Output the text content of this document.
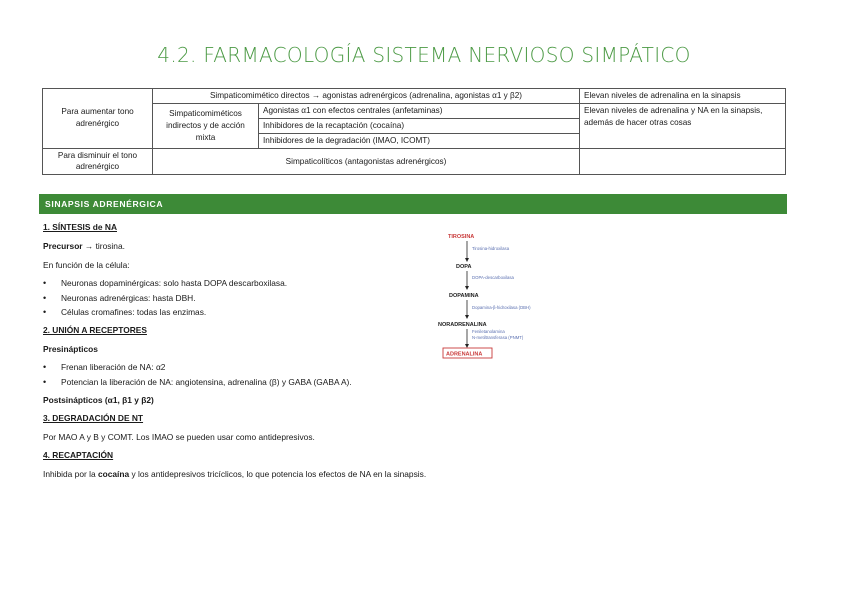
4.2. FARMACOLOGÍA SISTEMA NERVIOSO SIMPÁTICO
Para aumentar tono adrenérgico	Simpaticomimético directos → agonistas adrenérgicos (adrenalina, agonistas α1 y β2)		Elevan niveles de adrenalina en la sinapsis
	Simpaticomiméticos indirectos y de acción mixta	Agonistas α1 con efectos centrales (anfetaminas)	Elevan niveles de adrenalina y NA en la sinapsis, además de hacer otras cosas
		Inhibidores de la recaptación (cocaína)	
		Inhibidores de la degradación (IMAO, ICOMT)	
Para disminuir el tono adrenérgico	Simpaticolíticos (antagonistas adrenérgicos)		
SINAPSIS ADRENÉRGICA
1. SÍNTESIS de NA
Precursor → tirosina.
En función de la célula:
• Neuronas dopaminérgicas: solo hasta DOPA descarboxilasa.
• Neuronas adrenérgicas: hasta DBH.
• Células cromafines: todas las enzimas.
2. UNIÓN A RECEPTORES
Presinápticos
• Frenan liberación de NA: α2
• Potencian la liberación de NA: angiotensina, adrenalina (β) y GABA (GABA A).
Postsinápticos (α1, β1 y β2)
3. DEGRADACIÓN DE NT
Por MAO A y B y COMT. Los IMAO se pueden usar como antidepresivos.
4. RECAPTACIÓN
Inhibida por la cocaína y los antidepresivos tricíclicos, lo que potencia los efectos de NA en la sinapsis.
TIROSINA
Tirosina-hidroxilasa
DOPA
DOPA-descarboxilasa
DOPAMINA
Dopamina-β-hidroxilasa (DBH)
NORADRENALINA
Feniletanolamina
N-metiltransferasa (PNMT)
ADRENALINA
